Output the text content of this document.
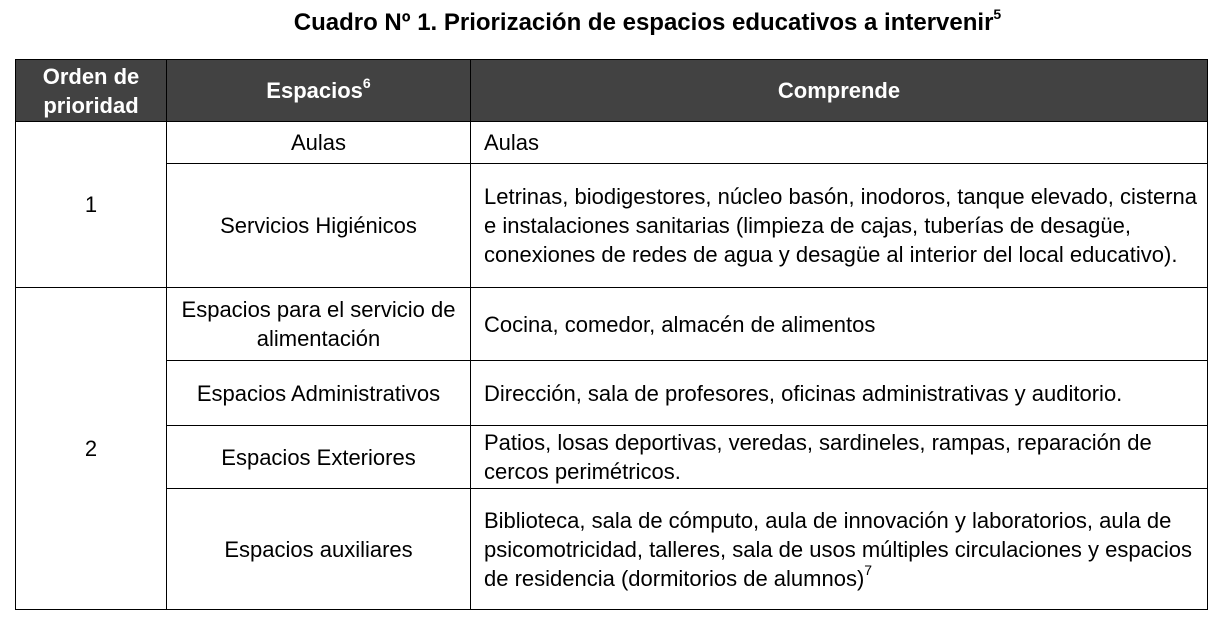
Cuadro Nº 1. Priorización de espacios educativos a intervenir$^5$
Orden de prioridad	Espacios$^6$	Comprende
1	Aulas	Aulas
	Servicios Higiénicos	Letrinas, biodigestores, núcleo basón, inodoros, tanque elevado, cisterna e instalaciones sanitarias (limpieza de cajas, tuberías de desagüe, conexiones de redes de agua y desagüe al interior del local educativo).
2	Espacios para el servicio de alimentación	Cocina, comedor, almacén de alimentos
	Espacios Administrativos	Dirección, sala de profesores, oficinas administrativas y auditorio.
	Espacios Exteriores	Patios, losas deportivas, veredas, sardineles, rampas, reparación de cercos perimétricos.
	Espacios auxiliares	Biblioteca, sala de cómputo, aula de innovación y laboratorios, aula de psicomotricidad, talleres, sala de usos múltiples circulaciones y espacios de residencia (dormitorios de alumnos)$^7$
